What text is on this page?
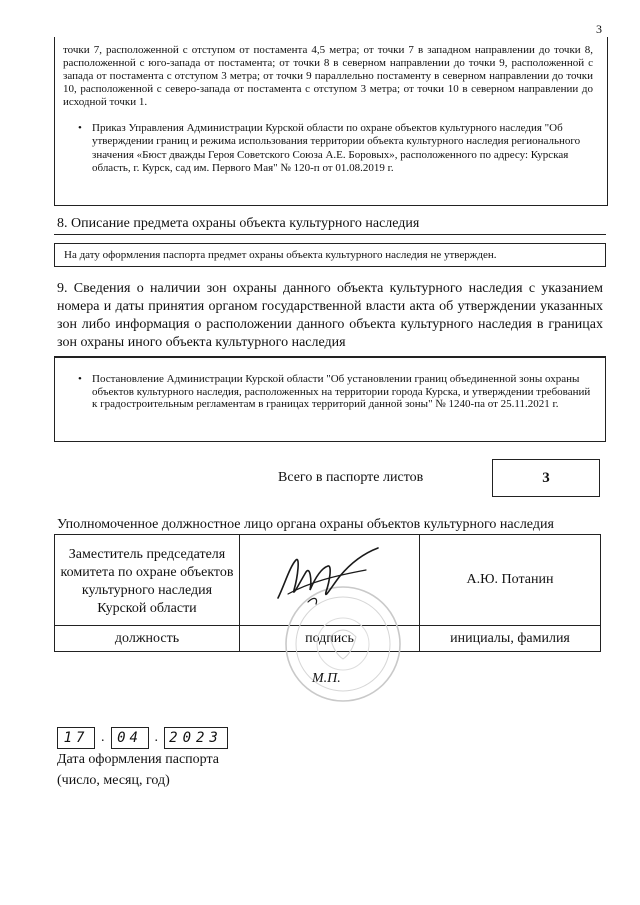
3
точки 7, расположенной с отступом от постамента 4,5 метра; от точки 7 в западном направлении до точки 8, расположенной с юго-запада от постамента; от точки 8 в северном направлении до точки 9, расположенной с запада от постамента с отступом 3 метра; от точки 9 параллельно постаменту в северном направлении до точки 10, расположенной с северо-запада от постамента с отступом 3 метра; от точки 10 в северном направлении до исходной точки 1.
• Приказ Управления Администрации Курской области по охране объектов культурного наследия "Об утверждении границ и режима использования территории объекта культурного наследия регионального значения «Бюст дважды Героя Советского Союза А.Е. Боровых», расположенного по адресу: Курская область, г. Курск, сад им. Первого Мая" № 120-п от 01.08.2019 г.
8. Описание предмета охраны объекта культурного наследия
На дату оформления паспорта предмет охраны объекта культурного наследия не утвержден.
9. Сведения о наличии зон охраны данного объекта культурного наследия с указанием номера и даты принятия органом государственной власти акта об утверждении указанных зон либо информация о расположении данного объекта культурного наследия в границах зон охраны иного объекта культурного наследия
• Постановление Администрации Курской области "Об установлении границ объединенной зоны охраны объектов культурного наследия, расположенных на территории города Курска, и утверждении требований к градостроительным регламентам в границах территорий данной зоны" № 1240-па от 25.11.2021 г.
Всего в паспорте листов	3
Уполномоченное должностное лицо органа охраны объектов культурного наследия
Заместитель председателя комитета по охране объектов культурного наследия Курской области		А.Ю. Потанин
должность	подпись	инициалы, фамилия
М.П.
17 . 04 . 2023
Дата оформления паспорта
(число, месяц, год)
